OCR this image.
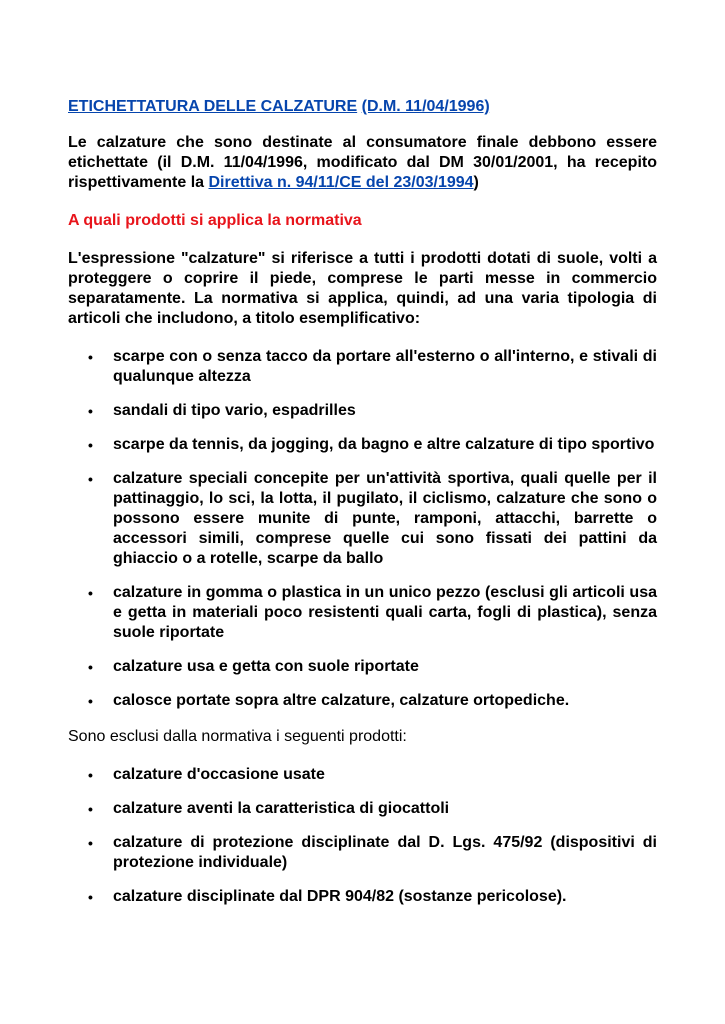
ETICHETTATURA DELLE CALZATURE (D.M. 11/04/1996)
Le calzature che sono destinate al consumatore finale debbono essere etichettate (il D.M. 11/04/1996, modificato dal DM 30/01/2001, ha recepito rispettivamente la Direttiva n. 94/11/CE del 23/03/1994)
A quali prodotti si applica la normativa
L'espressione "calzature" si riferisce a tutti i prodotti dotati di suole, volti a proteggere o coprire il piede, comprese le parti messe in commercio separatamente. La normativa si applica, quindi, ad una varia tipologia di articoli che includono, a titolo esemplificativo:
• scarpe con o senza tacco da portare all'esterno o all'interno, e stivali di qualunque altezza
• sandali di tipo vario, espadrilles
• scarpe da tennis, da jogging, da bagno e altre calzature di tipo sportivo
• calzature speciali concepite per un'attività sportiva, quali quelle per il pattinaggio, lo sci, la lotta, il pugilato, il ciclismo, calzature che sono o possono essere munite di punte, ramponi, attacchi, barrette o accessori simili, comprese quelle cui sono fissati dei pattini da ghiaccio o a rotelle, scarpe da ballo
• calzature in gomma o plastica in un unico pezzo (esclusi gli articoli usa e getta in materiali poco resistenti quali carta, fogli di plastica), senza suole riportate
• calzature usa e getta con suole riportate
• calosce portate sopra altre calzature, calzature ortopediche.
Sono esclusi dalla normativa i seguenti prodotti:
• calzature d'occasione usate
• calzature aventi la caratteristica di giocattoli
• calzature di protezione disciplinate dal D. Lgs. 475/92 (dispositivi di protezione individuale)
• calzature disciplinate dal DPR 904/82 (sostanze pericolose).
